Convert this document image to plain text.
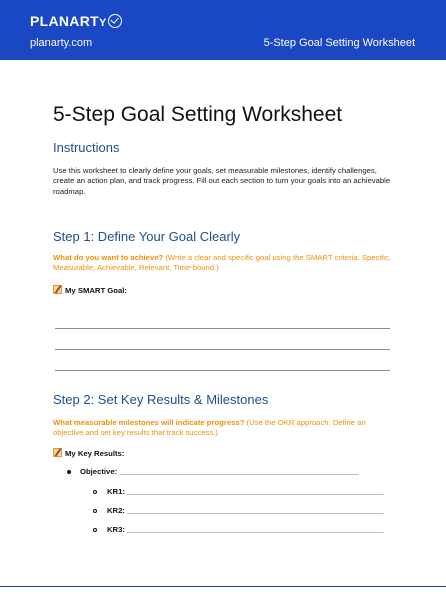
PLANARTY
planarty.com	5-Step Goal Setting Worksheet
5-Step Goal Setting Worksheet
Instructions
Use this worksheet to clearly define your goals, set measurable milestones, identify challenges, create an action plan, and track progress. Fill out each section to turn your goals into an achievable roadmap.
Step 1: Define Your Goal Clearly
What do you want to achieve? (Write a clear and specific goal using the SMART criteria: Specific, Measurable, Achievable, Relevant, Time-bound.)
My SMART Goal:
Step 2: Set Key Results & Milestones
What measurable milestones will indicate progress? (Use the OKR approach: Define an objective and set key results that track success.)
My Key Results:
Objective: ________________________________________________________
KR1: ____________________________________________________________
KR2: ____________________________________________________________
KR3: ____________________________________________________________
